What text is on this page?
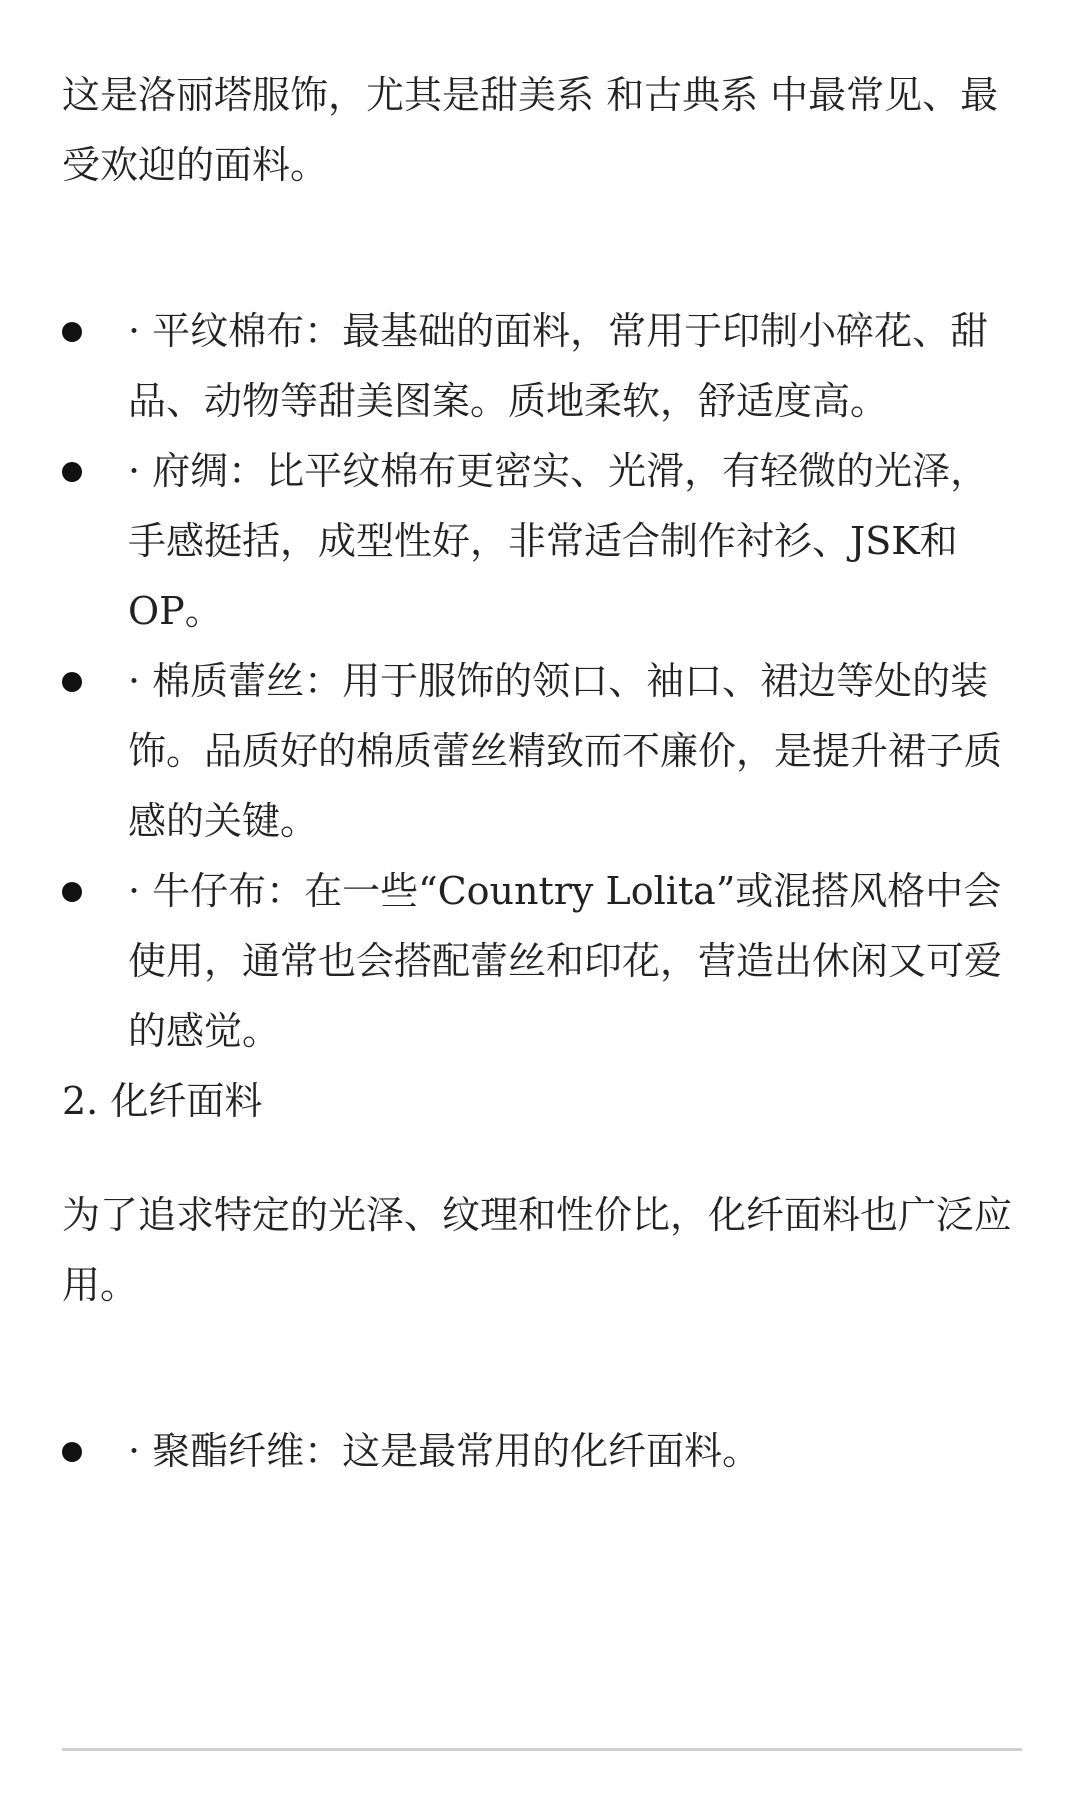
这是洛丽塔服饰，尤其是甜美系 和古典系 中最常见、最受欢迎的面料。

· 平纹棉布：最基础的面料，常用于印制小碎花、甜品、动物等甜美图案。质地柔软，舒适度高。
· 府绸：比平纹棉布更密实、光滑，有轻微的光泽，手感挺括，成型性好，非常适合制作衬衫、JSK和OP。
· 棉质蕾丝：用于服饰的领口、袖口、裙边等处的装饰。品质好的棉质蕾丝精致而不廉价，是提升裙子质感的关键。
· 牛仔布：在一些“Country Lolita”或混搭风格中会使用，通常也会搭配蕾丝和印花，营造出休闲又可爱的感觉。

2. 化纤面料

为了追求特定的光泽、纹理和性价比，化纤面料也广泛应用。

· 聚酯纤维：这是最常用的化纤面料。
